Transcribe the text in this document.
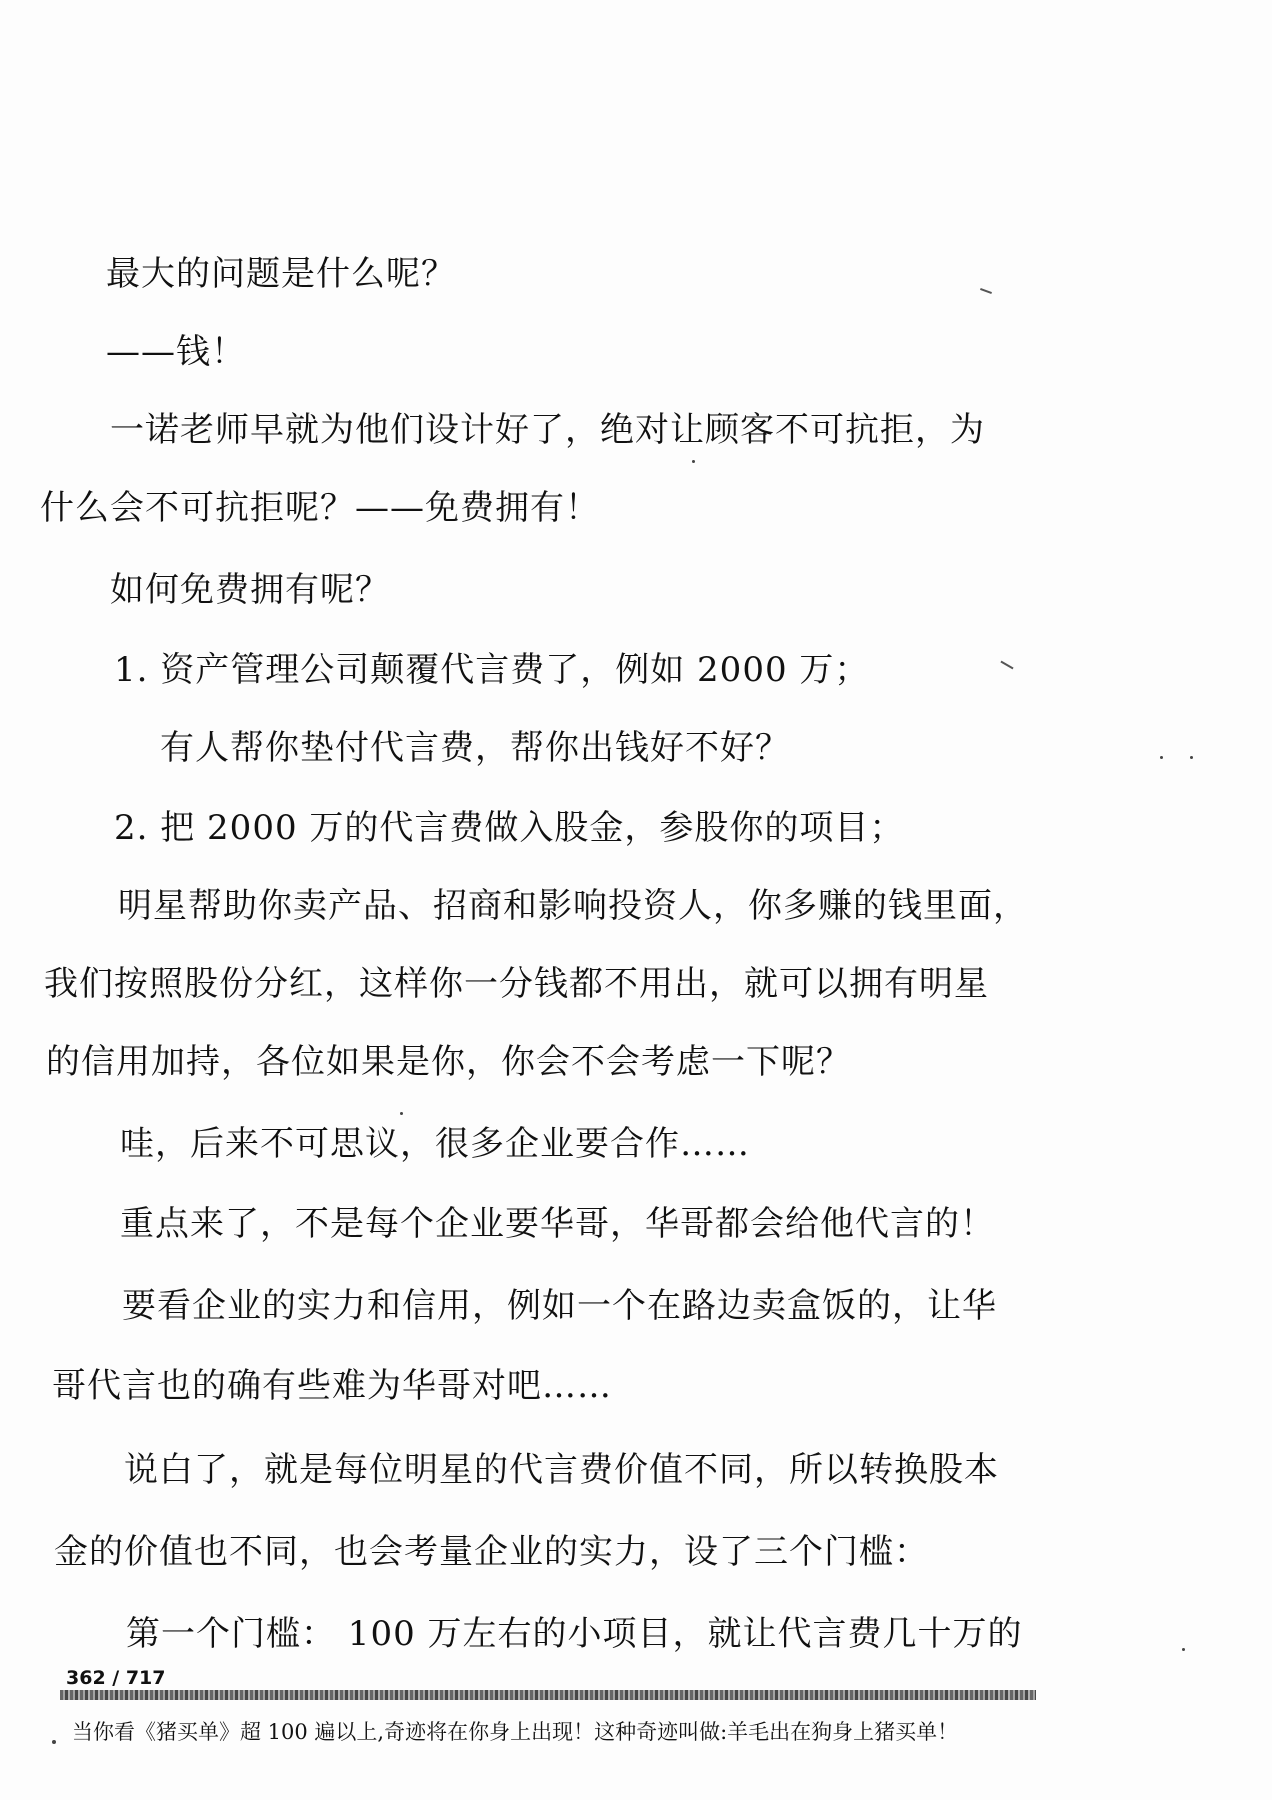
最大的问题是什么呢？
——钱！
一诺老师早就为他们设计好了，绝对让顾客不可抗拒，为
什么会不可抗拒呢？——免费拥有！
如何免费拥有呢？
1. 资产管理公司颠覆代言费了，例如 2000 万；
有人帮你垫付代言费，帮你出钱好不好？
2. 把 2000 万的代言费做入股金，参股你的项目；
明星帮助你卖产品、招商和影响投资人，你多赚的钱里面，
我们按照股份分红，这样你一分钱都不用出，就可以拥有明星
的信用加持，各位如果是你，你会不会考虑一下呢？
哇，后来不可思议，很多企业要合作……
重点来了，不是每个企业要华哥，华哥都会给他代言的！
要看企业的实力和信用，例如一个在路边卖盒饭的，让华
哥代言也的确有些难为华哥对吧……
说白了，就是每位明星的代言费价值不同，所以转换股本
金的价值也不同，也会考量企业的实力，设了三个门槛：
第一个门槛： 100 万左右的小项目，就让代言费几十万的
362 / 717
当你看《猪买单》超 100 遍以上,奇迹将在你身上出现！这种奇迹叫做:羊毛出在狗身上猪买单！
